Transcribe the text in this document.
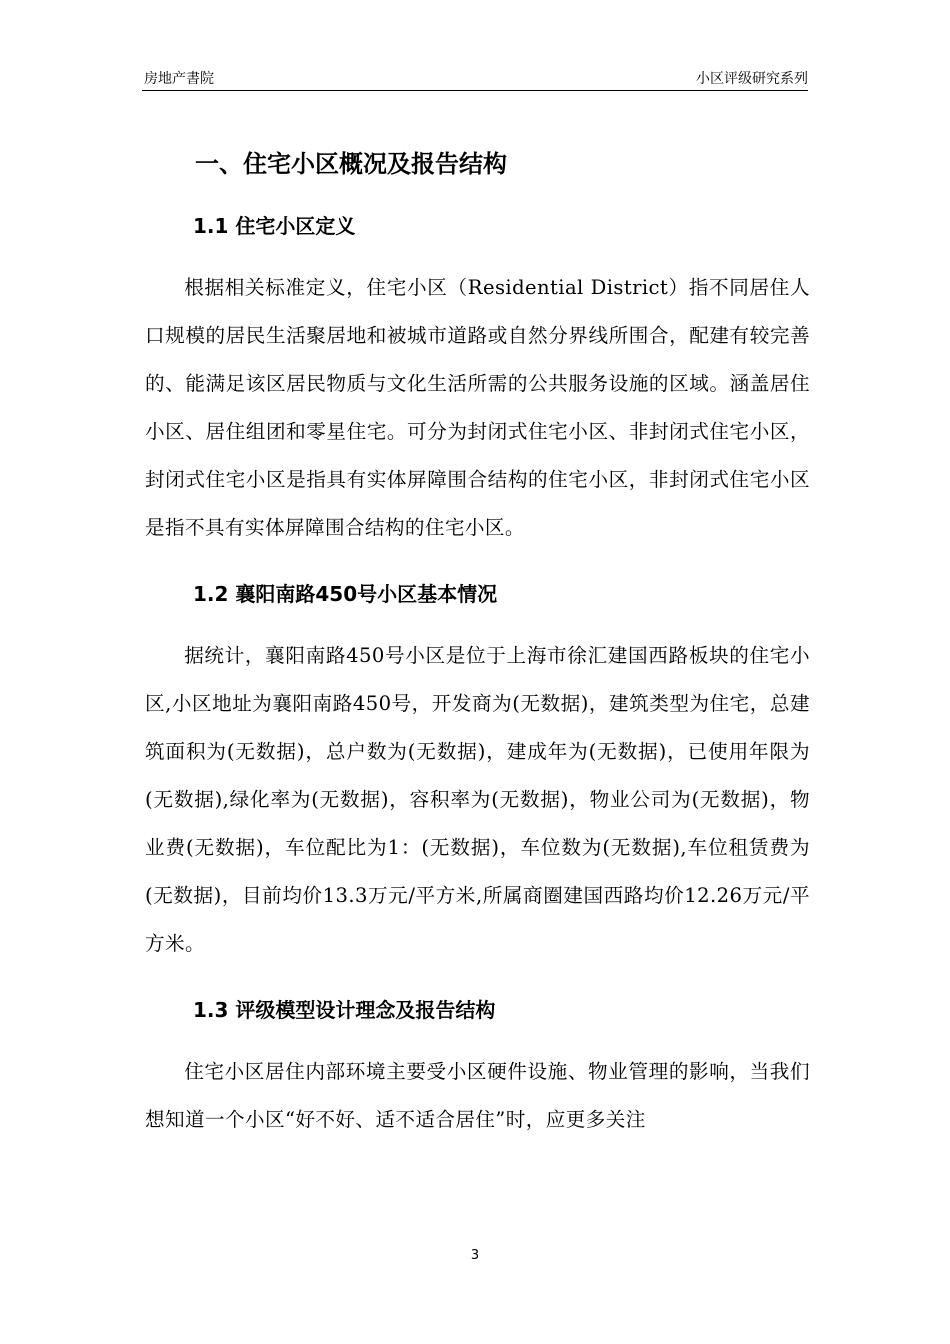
房地产書院	小区评级研究系列
一、住宅小区概况及报告结构
1.1 住宅小区定义

根据相关标准定义，住宅小区（Residential District）指不同居住人口规模的居民生活聚居地和被城市道路或自然分界线所围合，配建有较完善的、能满足该区居民物质与文化生活所需的公共服务设施的区域。涵盖居住小区、居住组团和零星住宅。可分为封闭式住宅小区、非封闭式住宅小区，封闭式住宅小区是指具有实体屏障围合结构的住宅小区，非封闭式住宅小区是指不具有实体屏障围合结构的住宅小区。

1.2 襄阳南路450号小区基本情况

据统计，襄阳南路450号小区是位于上海市徐汇建国西路板块的住宅小区,小区地址为襄阳南路450号，开发商为(无数据)，建筑类型为住宅，总建筑面积为(无数据)，总户数为(无数据)，建成年为(无数据)，已使用年限为(无数据),绿化率为(无数据)，容积率为(无数据)，物业公司为(无数据)，物业费(无数据)，车位配比为1：(无数据)，车位数为(无数据),车位租赁费为(无数据)，目前均价13.3万元/平方米,所属商圈建国西路均价12.26万元/平方米。

1.3 评级模型设计理念及报告结构

住宅小区居住内部环境主要受小区硬件设施、物业管理的影响，当我们想知道一个小区“好不好、适不适合居住”时，应更多关注

3
